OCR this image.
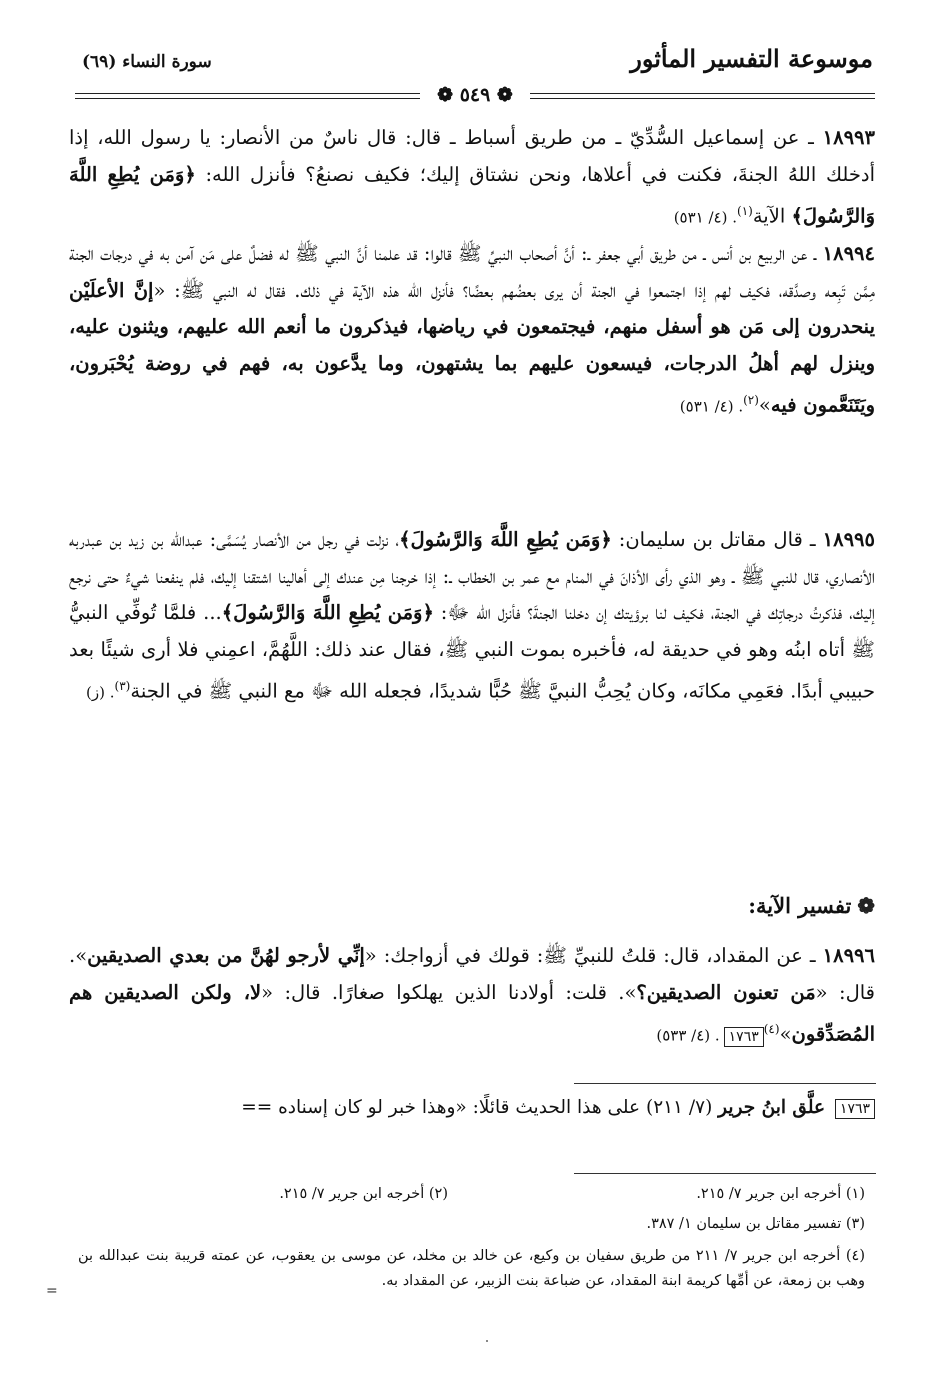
موسوعة التفسير المأثور
سورة النساء (٦٩)
❁ ٥٤٩ ❁
١٨٩٩٣ ـ عن إسماعيل السُّدِّيّ ـ من طريق أسباط ـ قال: قال ناسٌ من الأنصار: يا رسول الله، إذا أدخلك اللهُ الجنةَ، فكنت في أعلاها، ونحن نشتاق إليك؛ فكيف نصنعُ؟ فأنزل الله: ﴿وَمَن يُطِعِ اللَّهَ وَالرَّسُولَ﴾ الآية$^{(١)}$. (٤/ ٥٣١)
١٨٩٩٤ ـ عن الربيع بن أنس ـ من طريق أبي جعفر ـ: أنَّ أصحاب النبيِّ ﷺ قالوا: قد علمنا أنَّ النبي ﷺ له فضلٌ على مَن آمن به في درجات الجنة مِمَّن تَبِعه وصدَّقه، فكيف لهم إذا اجتمعوا في الجنة أن يرى بعضُهم بعضًا؟ فأنزل الله هذه الآية في ذلك. فقال له النبي ﷺ: «إنَّ الأعلَيْن ينحدرون إلى مَن هو أسفل منهم، فيجتمعون في رياضها، فيذكرون ما أنعم الله عليهم، ويثنون عليه، وينزل لهم أهلُ الدرجات، فيسعون عليهم بما يشتهون، وما يدَّعون به، فهم في روضة يُحْبَرون، ويَتَنَعَّمون فيه»$^{(٢)}$. (٤/ ٥٣١)
١٨٩٩٥ ـ قال مقاتل بن سليمان: ﴿وَمَن يُطِعِ اللَّهَ وَالرَّسُولَ﴾، نزلت في رجل من الأنصار يُسَمَّى: عبدالله بن زيد بن عبدربه الأنصاري، قال للنبي ﷺ ـ وهو الذي رأى الأذانَ في المنام مع عمر بن الخطاب ـ: إذا خرجنا مِن عندك إلى أهالينا اشتقنا إليك، فلم ينفعنا شيءٌ حتى نرجع إليك، فذكرتُ درجاتِك في الجنة، فكيف لنا برؤيتك إن دخلنا الجنةَ؟ فأنزل الله ﷻ: ﴿وَمَن يُطِعِ اللَّهَ وَالرَّسُولَ﴾... فلمَّا تُوفِّي النبيُّ ﷺ أتاه ابنُه وهو في حديقة له، فأخبره بموت النبي ﷺ، فقال عند ذلك: اللَّهُمَّ، اعمِني فلا أرى شيئًا بعد حبيبي أبدًا. فعَمِي مكانَه، وكان يُحِبُّ النبيَّ ﷺ حُبًّا شديدًا، فجعله الله ﷻ مع النبي ﷺ في الجنة$^{(٣)}$. (ز)
❁تفسير الآية:
١٨٩٩٦ ـ عن المقداد، قال: قلتُ للنبيِّ ﷺ: قولك في أزواجك: «إنِّي لأرجو لهُنَّ من بعدي الصديقين». قال: «مَن تعنون الصديقين؟». قلت: أولادنا الذين يهلكوا صغارًا. قال: «لا، ولكن الصديقين هم المُصَدِّقون»$^{(٤)}$١٧٦٣. (٤/ ٥٣٣)
١٧٦٣ علَّق ابنُ جرير (٧/ ٢١١) على هذا الحديث قائلًا: «وهذا خبر لو كان إسناده ==
(١) أخرجه ابن جرير ٧/ ٢١٥.
(٢) أخرجه ابن جرير ٧/ ٢١٥.
(٣) تفسير مقاتل بن سليمان ١/ ٣٨٧.
(٤) أخرجه ابن جرير ٧/ ٢١١ من طريق سفيان بن وكيع، عن خالد بن مخلد، عن موسى بن يعقوب، عن عمته قريبة بنت عبدالله بن وهب بن زمعة، عن أمِّها كريمة ابنة المقداد، عن ضباعة بنت الزبير، عن المقداد به.
=
